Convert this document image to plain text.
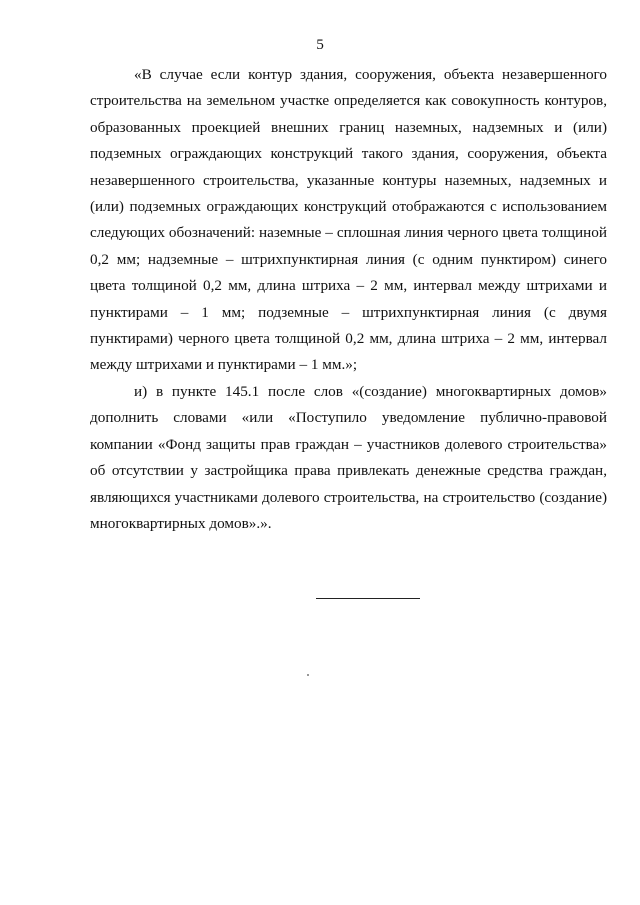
5

«В случае если контур здания, сооружения, объекта незавершенного строительства на земельном участке определяется как совокупность контуров, образованных проекцией внешних границ наземных, надземных и (или) подземных ограждающих конструкций такого здания, сооружения, объекта незавершенного строительства, указанные контуры наземных, надземных и (или) подземных ограждающих конструкций отображаются с использованием следующих обозначений: наземные – сплошная линия черного цвета толщиной 0,2 мм; надземные – штрихпунктирная линия (с одним пунктиром) синего цвета толщиной 0,2 мм, длина штриха – 2 мм, интервал между штрихами и пунктирами – 1 мм; подземные – штрихпунктирная линия (с двумя пунктирами) черного цвета толщиной 0,2 мм, длина штриха – 2 мм, интервал между штрихами и пунктирами – 1 мм.»;

и) в пункте 145.1 после слов «(создание) многоквартирных домов» дополнить словами «или «Поступило уведомление публично-правовой компании «Фонд защиты прав граждан – участников долевого строительства» об отсутствии у застройщика права привлекать денежные средства граждан, являющихся участниками долевого строительства, на строительство (создание) многоквартирных домов».».
